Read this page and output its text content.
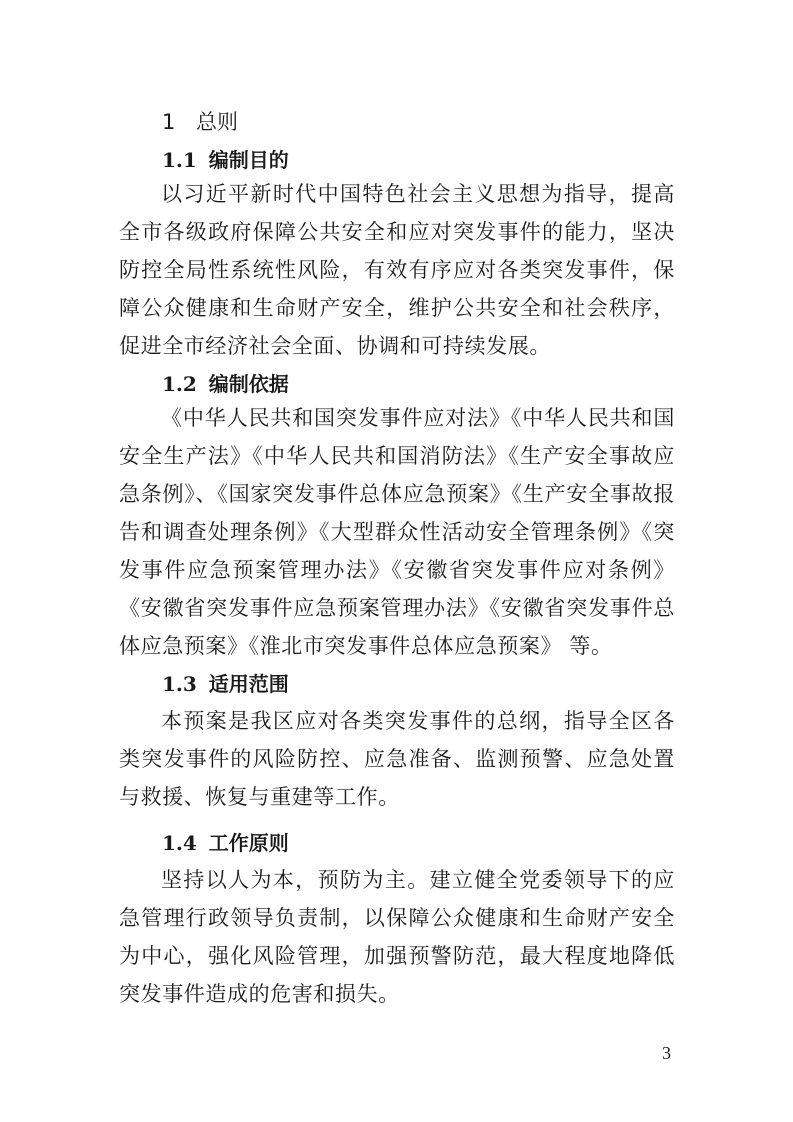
1 总则
1.1 编制目的

以习近平新时代中国特色社会主义思想为指导，提高全市各级政府保障公共安全和应对突发事件的能力，坚决防控全局性系统性风险，有效有序应对各类突发事件，保障公众健康和生命财产安全，维护公共安全和社会秩序，促进全市经济社会全面、协调和可持续发展。

1.2 编制依据

《中华人民共和国突发事件应对法》《中华人民共和国安全生产法》《中华人民共和国消防法》《生产安全事故应急条例》、《国家突发事件总体应急预案》《生产安全事故报告和调查处理条例》《大型群众性活动安全管理条例》《突发事件应急预案管理办法》《安徽省突发事件应对条例》《安徽省突发事件应急预案管理办法》《安徽省突发事件总体应急预案》《淮北市突发事件总体应急预案》 等。

1.3 适用范围

本预案是我区应对各类突发事件的总纲，指导全区各类突发事件的风险防控、应急准备、监测预警、应急处置与救援、恢复与重建等工作。

1.4 工作原则

坚持以人为本，预防为主。建立健全党委领导下的应急管理行政领导负责制，以保障公众健康和生命财产安全为中心，强化风险管理，加强预警防范，最大程度地降低突发事件造成的危害和损失。

3
